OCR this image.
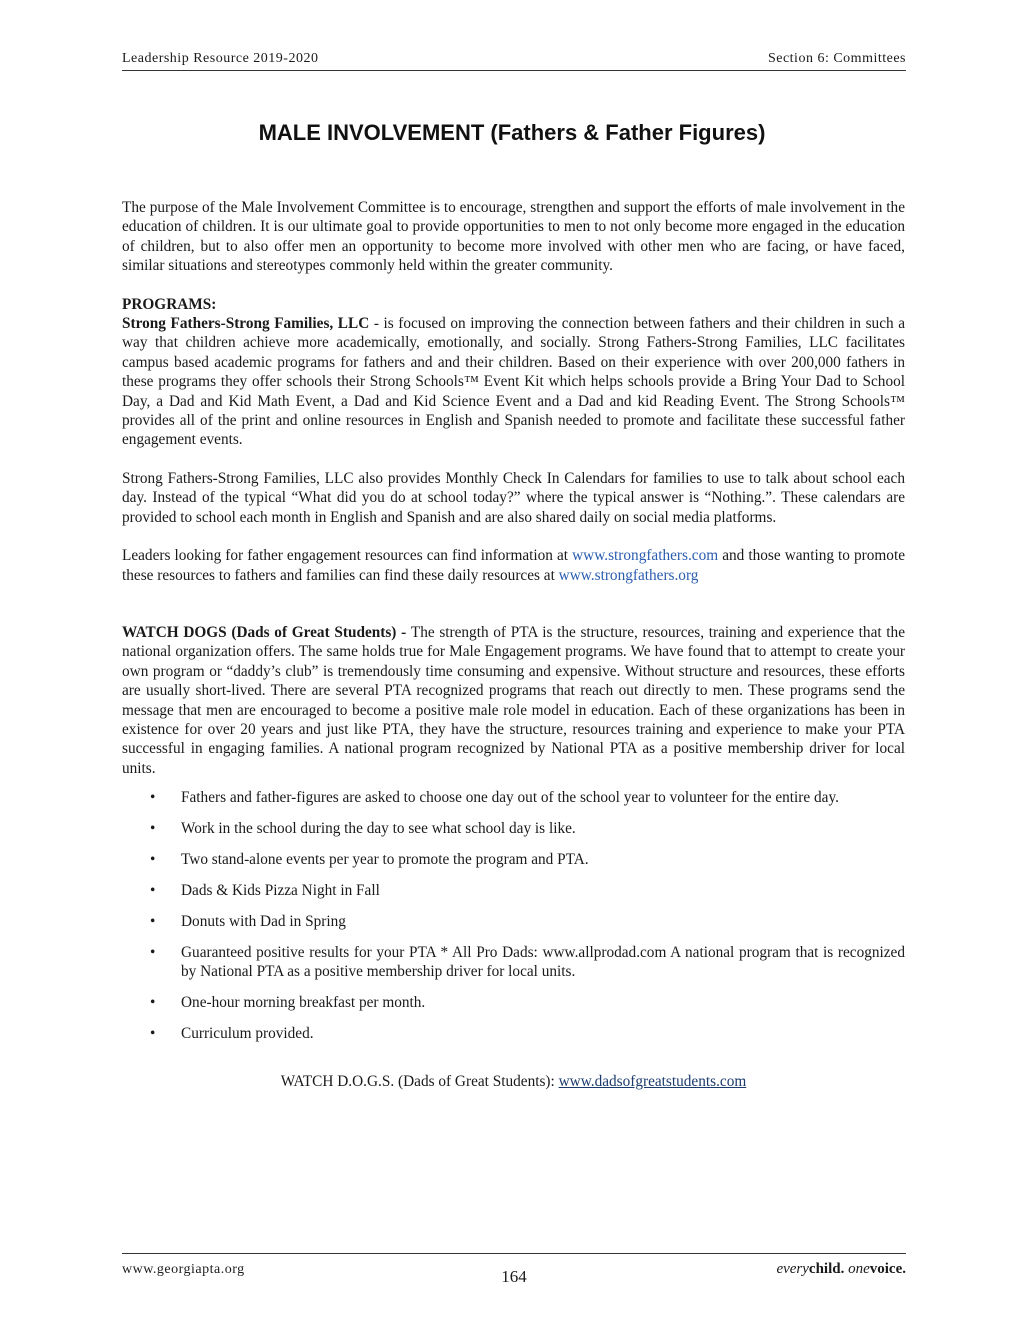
Leadership Resource 2019-2020	Section 6: Committees
MALE INVOLVEMENT (Fathers & Father Figures)

The purpose of the Male Involvement Committee is to encourage, strengthen and support the efforts of male involvement in the education of children. It is our ultimate goal to provide opportunities to men to not only become more engaged in the education of children, but to also offer men an opportunity to become more involved with other men who are facing, or have faced, similar situations and stereotypes commonly held within the greater community.

PROGRAMS:

Strong Fathers-Strong Families, LLC - is focused on improving the connection between fathers and their children in such a way that children achieve more academically, emotionally, and socially. Strong Fathers-Strong Families, LLC facilitates campus based academic programs for fathers and and their children. Based on their experience with over 200,000 fathers in these programs they offer schools their Strong Schools™ Event Kit which helps schools provide a Bring Your Dad to School Day, a Dad and Kid Math Event, a Dad and Kid Science Event and a Dad and kid Reading Event. The Strong Schools™ provides all of the print and online resources in English and Spanish needed to promote and facilitate these successful father engagement events.

Strong Fathers-Strong Families, LLC also provides Monthly Check In Calendars for families to use to talk about school each day. Instead of the typical “What did you do at school today?” where the typical answer is “Nothing.”. These calendars are provided to school each month in English and Spanish and are also shared daily on social media platforms.

Leaders looking for father engagement resources can find information at www.strongfathers.com and those wanting to promote these resources to fathers and families can find these daily resources at www.strongfathers.org

WATCH DOGS (Dads of Great Students) - The strength of PTA is the structure, resources, training and experience that the national organization offers. The same holds true for Male Engagement programs. We have found that to attempt to create your own program or “daddy’s club” is tremendously time consuming and expensive. Without structure and resources, these efforts are usually short-lived. There are several PTA recognized programs that reach out directly to men. These programs send the message that men are encouraged to become a positive male role model in education. Each of these organizations has been in existence for over 20 years and just like PTA, they have the structure, resources training and experience to make your PTA successful in engaging families. A national program recognized by National PTA as a positive membership driver for local units.

• Fathers and father-figures are asked to choose one day out of the school year to volunteer for the entire day.
• Work in the school during the day to see what school day is like.
• Two stand-alone events per year to promote the program and PTA.
• Dads & Kids Pizza Night in Fall
• Donuts with Dad in Spring
• Guaranteed positive results for your PTA * All Pro Dads: www.allprodad.com A national program that is recognized by National PTA as a positive membership driver for local units.
• One-hour morning breakfast per month.
• Curriculum provided.

WATCH D.O.G.S. (Dads of Great Students): www.dadsofgreatstudents.com

www.georgiapta.org	164	everychild. onevoice.
